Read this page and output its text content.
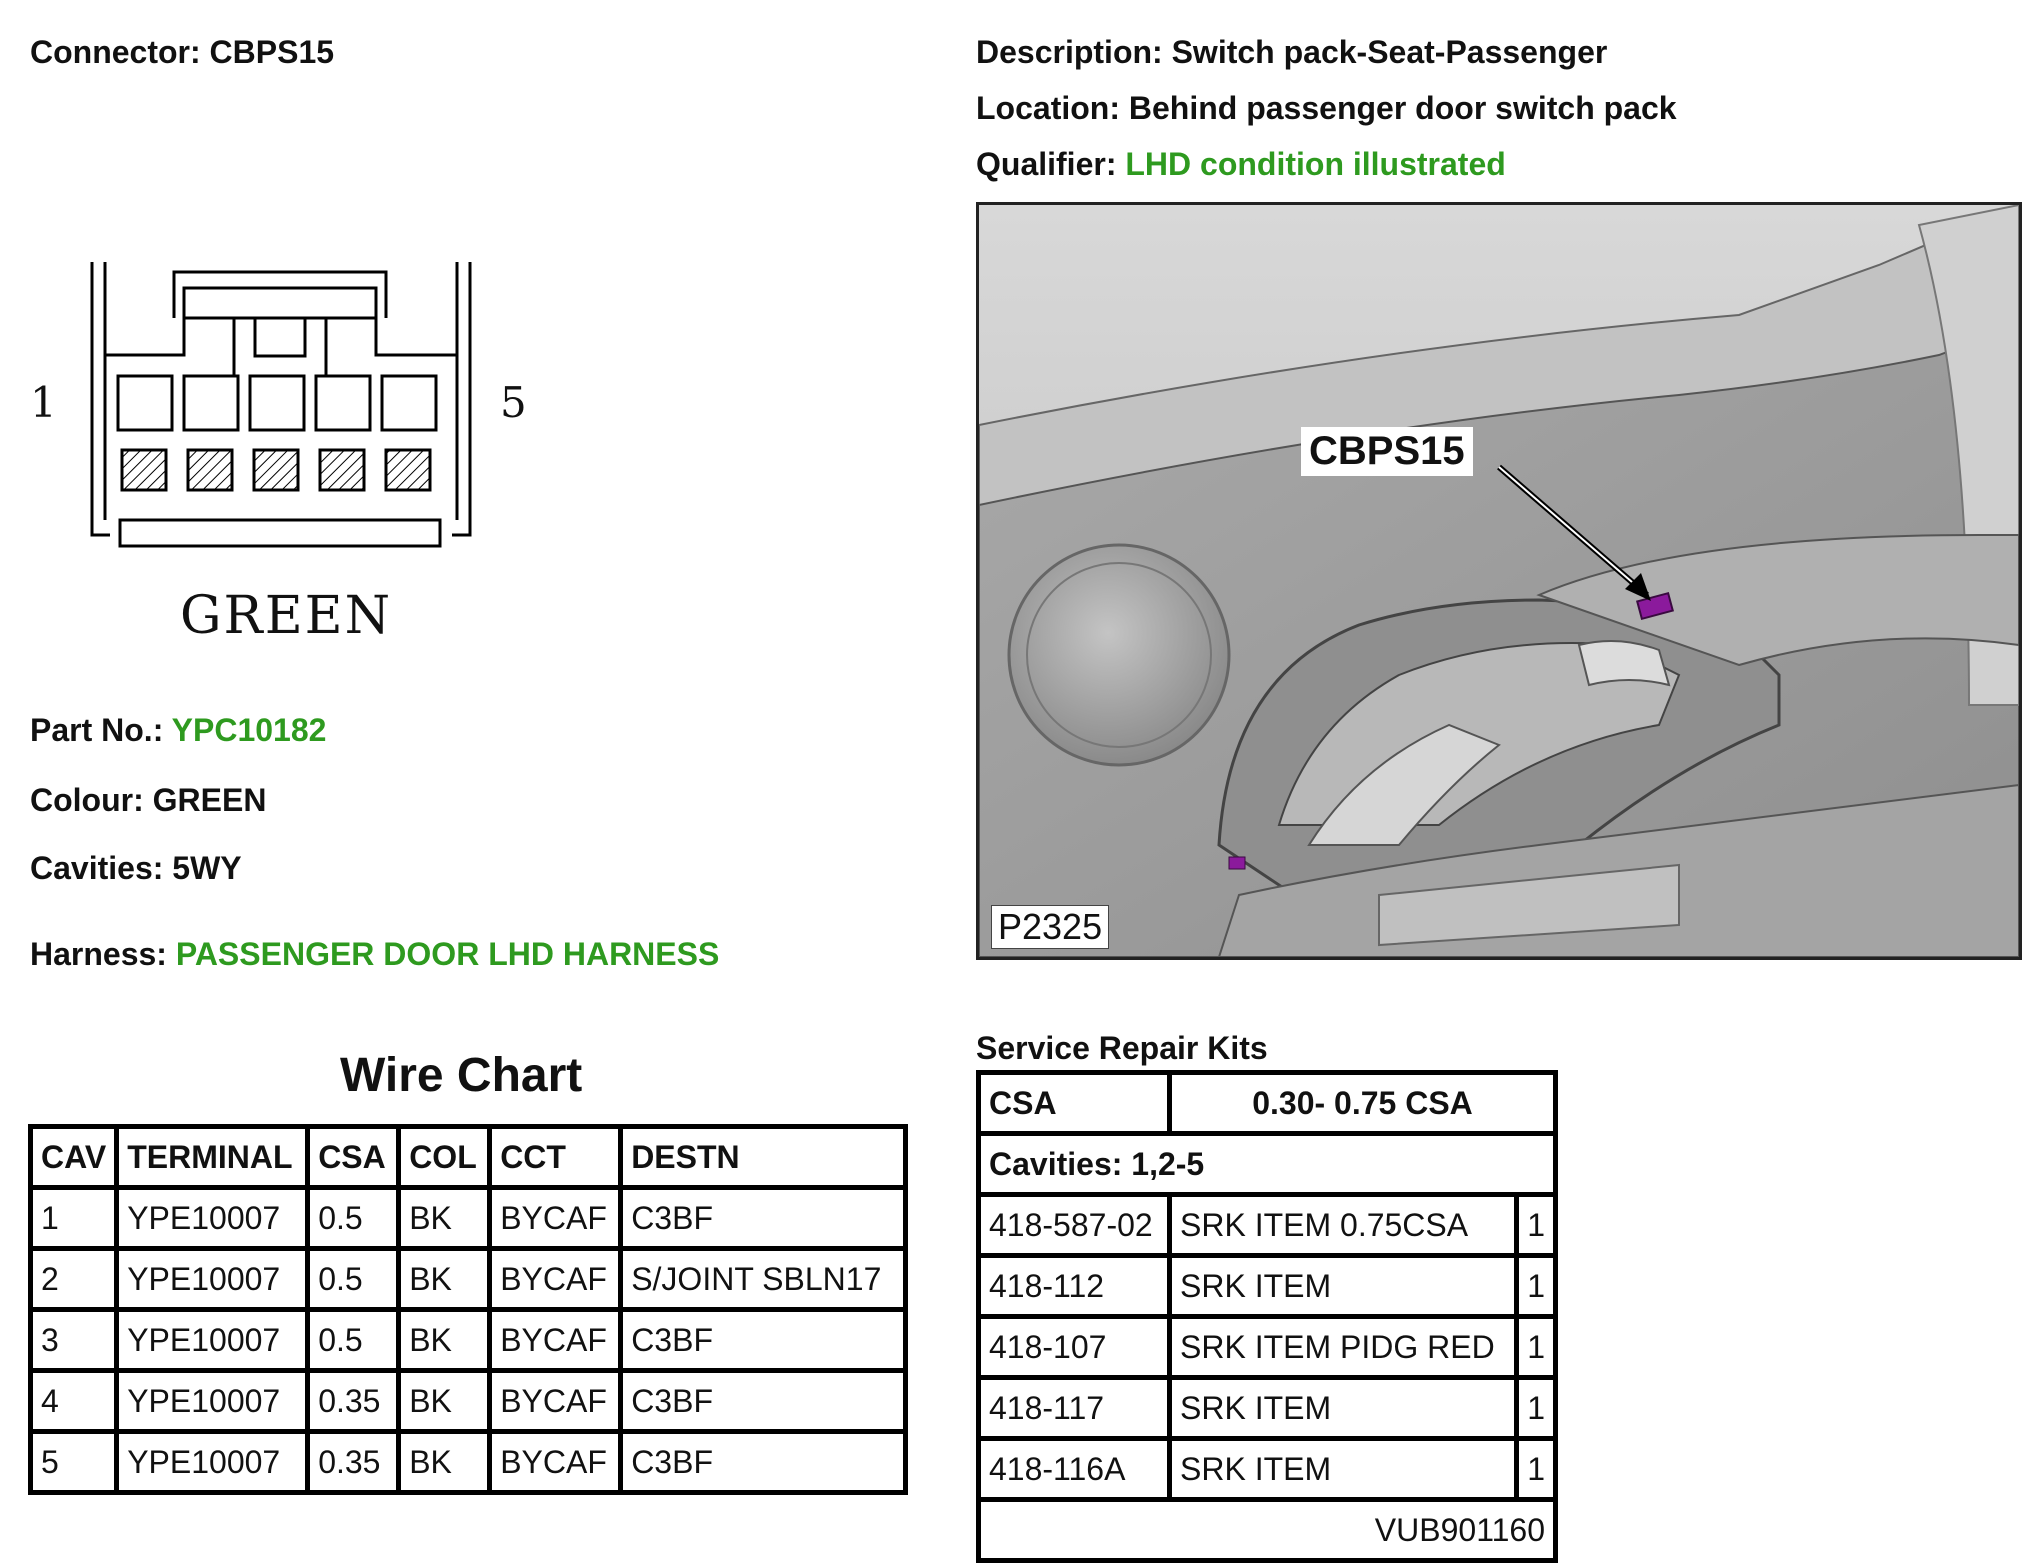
Connector: CBPS15	Description: Switch pack-Seat-Passenger
Location: Behind passenger door switch pack
Qualifier: LHD condition illustrated
1	5
GREEN
Part No.: YPC10182
Colour: GREEN
Cavities: 5WY
Harness: PASSENGER DOOR LHD HARNESS
CBPS15
P2325
Wire Chart
CAV	TERMINAL	CSA	COL	CCT	DESTN
1	YPE10007	0.5	BK	BYCAF	C3BF
2	YPE10007	0.5	BK	BYCAF	S/JOINT SBLN17
3	YPE10007	0.5	BK	BYCAF	C3BF
4	YPE10007	0.35	BK	BYCAF	C3BF
5	YPE10007	0.35	BK	BYCAF	C3BF
Service Repair Kits
CSA	0.30- 0.75 CSA	
Cavities: 1,2-5		
418-587-02	SRK ITEM 0.75CSA	1
418-112	SRK ITEM	1
418-107	SRK ITEM PIDG RED	1
418-117	SRK ITEM	1
418-116A	SRK ITEM	1
VUB901160		
